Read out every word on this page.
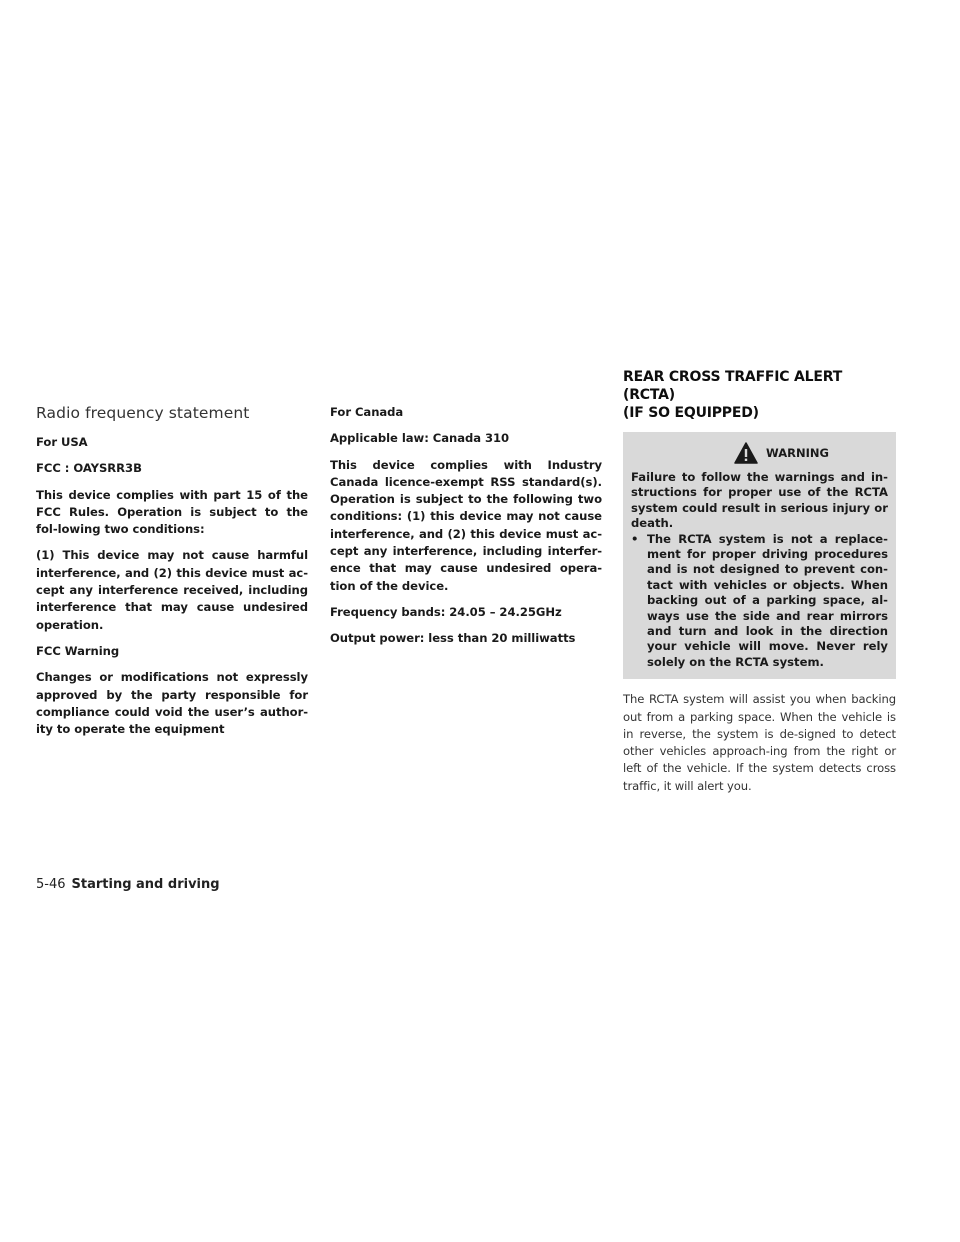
Radio frequency statement

For USA

FCC : OAYSRR3B

This device complies with part 15 of the FCC Rules. Operation is subject to the fol-lowing two conditions:

(1) This device may not cause harmful interference, and (2) this device must ac-cept any interference received, including interference that may cause undesired operation.

FCC Warning

Changes or modifications not expressly approved by the party responsible for compliance could void the user’s author-ity to operate the equipment

For Canada

Applicable law: Canada 310

This device complies with Industry Canada licence-exempt RSS standard(s). Operation is subject to the following two conditions: (1) this device may not cause interference, and (2) this device must ac-cept any interference, including interfer-ence that may cause undesired opera-tion of the device.

Frequency bands: 24.05 – 24.25GHz

Output power: less than 20 milliwatts

REAR CROSS TRAFFIC ALERT (RCTA)
(IF SO EQUIPPED)
WARNING

Failure to follow the warnings and in-structions for proper use of the RCTA system could result in serious injury or death.

• The RCTA system is not a replace-ment for proper driving procedures and is not designed to prevent con-tact with vehicles or objects. When backing out of a parking space, al-ways use the side and rear mirrors and turn and look in the direction your vehicle will move. Never rely solely on the RCTA system.

The RCTA system will assist you when backing out from a parking space. When the vehicle is in reverse, the system is de-signed to detect other vehicles approach-ing from the right or left of the vehicle. If the system detects cross traffic, it will alert you.

5-46 Starting and driving
